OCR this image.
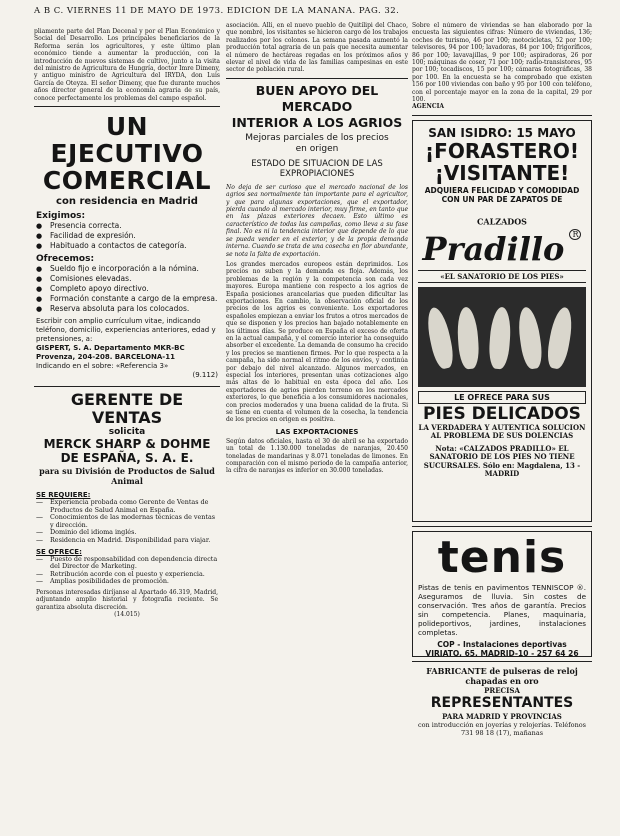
A B C. VIERNES 11 DE MAYO DE 1973. EDICION DE LA MAÑANA. PAG. 32.

pliamente parte del Plan Decenal y por el Plan Económico y Social del Desarrollo. Los principales beneficiarios de la Reforma serán los agricultores, y este último plan económico tiende a aumentar la producción, con la introducción de nuevos sistemas de cultivo, junto a la visita del ministro de Agricultura de Hungría, doctor Imre Dimeny, y antiguo ministro de Agricultura del IRYDA, don Luis García de Oteyza. El señor Dimeny, que fue durante muchos años director general de la economía agraria de su país, conoce perfectamente los problemas del campo español.

UN EJECUTIVO
COMERCIAL
con residencia en Madrid
Exigimos:
● Presencia correcta.
● Facilidad de expresión.
● Habituado a contactos de categoría.
Ofrecemos:
● Sueldo fijo e incorporación a la nómina.
● Comisiones elevadas.
● Completo apoyo directivo.
● Formación constante a cargo de la empresa.
● Reserva absoluta para los colocados.

Escribir con amplio currículum vitae, indicando teléfono, domicilio, experiencias anteriores, edad y pretensiones, a:

GISPERT, S. A. Departamento MKR-BC Provenza, 204-208. BARCELONA-11

Indicando en el sobre: «Referencia 3»

(9.112)

GERENTE DE VENTAS
solicita
MERCK SHARP & DOHME
DE ESPAÑA, S. A. E.
para su División de Productos de Salud Animal
SE REQUIERE:
— Experiencia probada como Gerente de Ventas de Productos de Salud Animal en España.
— Conocimientos de las modernas técnicas de ventas y dirección.
— Dominio del idioma inglés.
— Residencia en Madrid. Disponibilidad para viajar.
SE OFRECE:
— Puesto de responsabilidad con dependencia directa del Director de Marketing.
— Retribución acorde con el puesto y experiencia.
— Amplias posibilidades de promoción.

Personas interesadas diríjanse al Apartado 46.319, Madrid, adjuntando amplio historial y fotografía reciente. Se garantiza absoluta discreción.

(14.015)

asociación. Allí, en el nuevo pueblo de Quitílipi del Chaco, que nombré, los visitantes se hicieron cargo de los trabajos realizados por los colonos. La semana pasada aumentó la producción total agraria de un país que necesita aumentar el número de hectáreas regadas en los próximos años y elevar el nivel de vida de las familias campesinas en este sector de población rural.

BUEN APOYO DEL MERCADO
INTERIOR A LOS AGRIOS
Mejoras parciales de los precios
en origen
ESTADO DE SITUACION DE LAS
EXPROPIACIONES

No deja de ser curioso que el mercado nacional de los agrios sea normalmente tan importante para el agricultor, y que para algunas exportaciones, que el exportador, pierda cuando al mercado interior, muy firme, en tanto que en las plazas exteriores decaen. Esto último es característico de todas las campañas, como lleva a su fase final. No es ni la tendencia interior que depende de lo que se pueda vender en el exterior, y de la propia demanda interna. Cuando se trata de una cosecha en flor abundante, se nota la falta de exportación.

Los grandes mercados europeos están deprimidos. Los precios no suben y la demanda es floja. Además, los problemas de la región y la competencia son cada vez mayores. Europa mantiene con respecto a los agrios de España posiciones arancelarias que pueden dificultar las exportaciones. En cambio, la observación oficial de los precios de los agrios es conveniente. Los exportadores españoles empiezan a enviar los frutos a otros mercados de que se disponen y los precios han bajado notablemente en los últimos días. Se produce en España el exceso de oferta en la actual campaña, y el comercio interior ha conseguido absorber el excedente. La demanda de consumo ha crecido y los precios se mantienen firmes. Por lo que respecta a la campaña, ha sido normal el ritmo de los envíos, y continúa por debajo del nivel alcanzado. Algunos mercados, en especial los interiores, presentan unas cotizaciones algo más altas de lo habitual en esta época del año. Los exportadores de agrios pierden terreno en los mercados exteriores, lo que beneficia a los consumidores nacionales, con precios moderados y una buena calidad de la fruta. Si se tiene en cuenta el volumen de la cosecha, la tendencia de los precios en origen es positiva.

LAS EXPORTACIONES

Según datos oficiales, hasta el 30 de abril se ha exportado un total de 1.130.000 toneladas de naranjas, 20.450 toneladas de mandarinas y 8.071 toneladas de limones. En comparación con el mismo periodo de la campaña anterior, la cifra de naranjas es inferior en 30.000 toneladas.

Sobre el número de viviendas se han elaborado por la encuesta las siguientes cifras: Número de viviendas, 136; coches de turismo, 46 por 100; motocicletas, 52 por 100; televisores, 94 por 100; lavadoras, 84 por 100; frigoríficos, 86 por 100; lavavajillas, 9 por 100; aspiradoras, 26 por 100; máquinas de coser, 71 por 100; radio-transistores, 95 por 100; tocadiscos, 15 por 100; cámaras fotográficas, 38 por 100. En la encuesta se ha comprobado que existen 156 por 100 viviendas con baño y 95 por 100 con teléfono, con el porcentaje mayor en la zona de la capital, 29 por 100.

AGENCIA

SAN ISIDRO: 15 MAYO
¡FORASTERO!
¡VISITANTE!
ADQUIERA FELICIDAD Y COMODIDAD CON UN PAR DE ZAPATOS DE
CALZADOS Pradillo $^R$
«EL SANATORIO DE LOS PIES»
LE OFRECE PARA SUS
PIES DELICADOS
LA VERDADERA Y AUTENTICA SOLUCION AL PROBLEMA DE SUS DOLENCIAS
Nota: «CALZADOS PRADILLO» EL SANATORIO DE LOS PIES NO TIENE SUCURSALES. Sólo en: Magdalena, 13 - MADRID
tenis

Pistas de tenis en pavimentos TENNISCOP ®. Aseguramos de lluvia. Sin costes de conservación. Tres años de garantía. Precios sin competencia. Planes, maquinaria, polideportivos, jardines, instalaciones completas.

COP - Instalaciones deportivas
VIRIATO, 65. MADRID-10 - 257 64 26
FABRICANTE de pulseras de reloj chapadas en oro
PRECISA
REPRESENTANTES
PARA MADRID Y PROVINCIAS
con introducción en joyerías y relojerías. Teléfonos 731 98 18 (17), mañanas
